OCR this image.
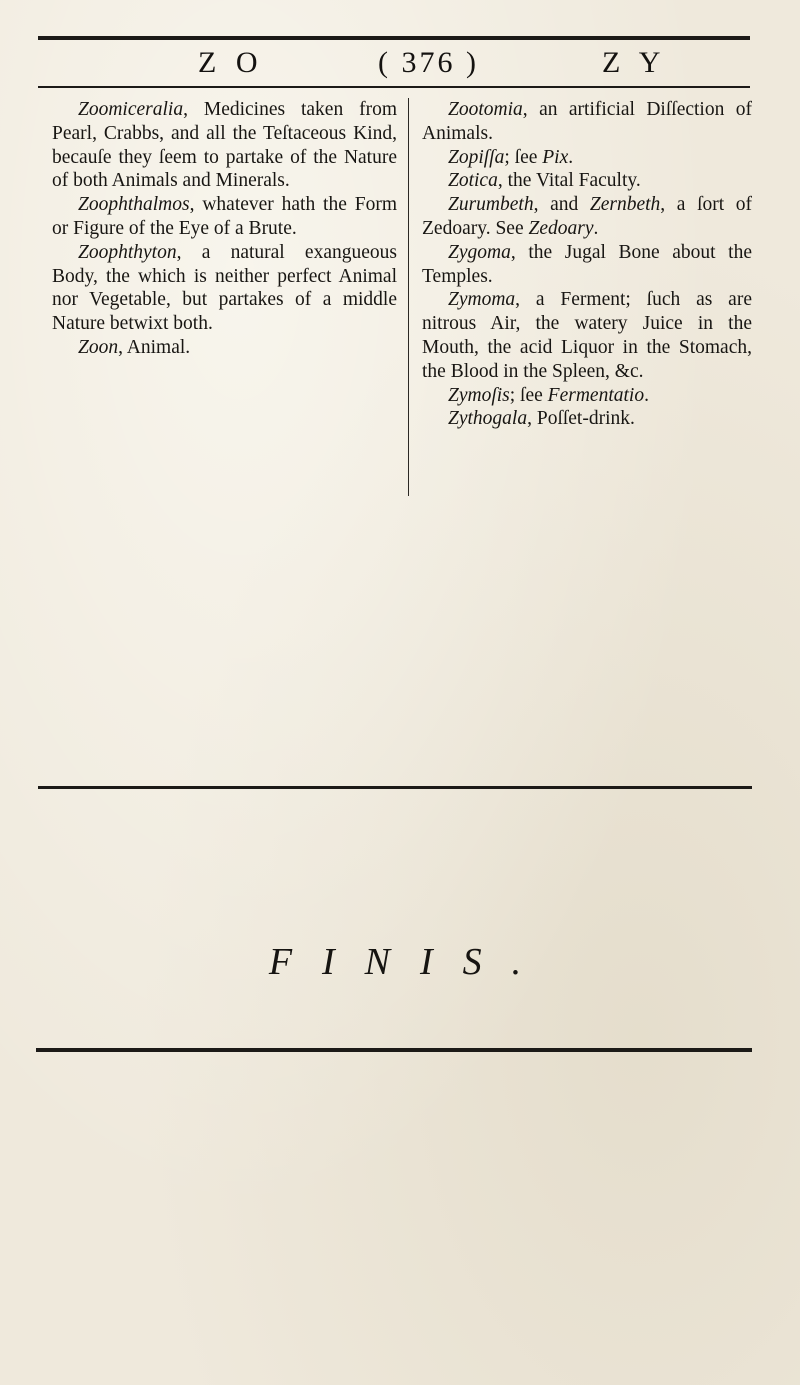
Z O	( 376 )	Z Y

Zoomiceralia, Medicines taken from Pearl, Crabbs, and all the Teſtaceous Kind, becauſe they ſeem to partake of the Nature of both Animals and Minerals.

Zoophthalmos, whatever hath the Form or Figure of the Eye of a Brute.

Zoophthyton, a natural exangueous Body, the which is neither perfect Animal nor Vegetable, but partakes of a middle Nature betwixt both.

Zoon, Animal.

Zootomia, an artificial Diſſection of Animals.

Zopiſſa; ſee Pix.

Zotica, the Vital Faculty.

Zurumbeth, and Zernbeth, a ſort of Zedoary. See Zedoary.

Zygoma, the Jugal Bone about the Temples.

Zymoma, a Ferment; ſuch as are nitrous Air, the watery Juice in the Mouth, the acid Liquor in the Stomach, the Blood in the Spleen, &c.

Zymoſis; ſee Fermentatio.

Zythogala, Poſſet-drink.

FINIS.
